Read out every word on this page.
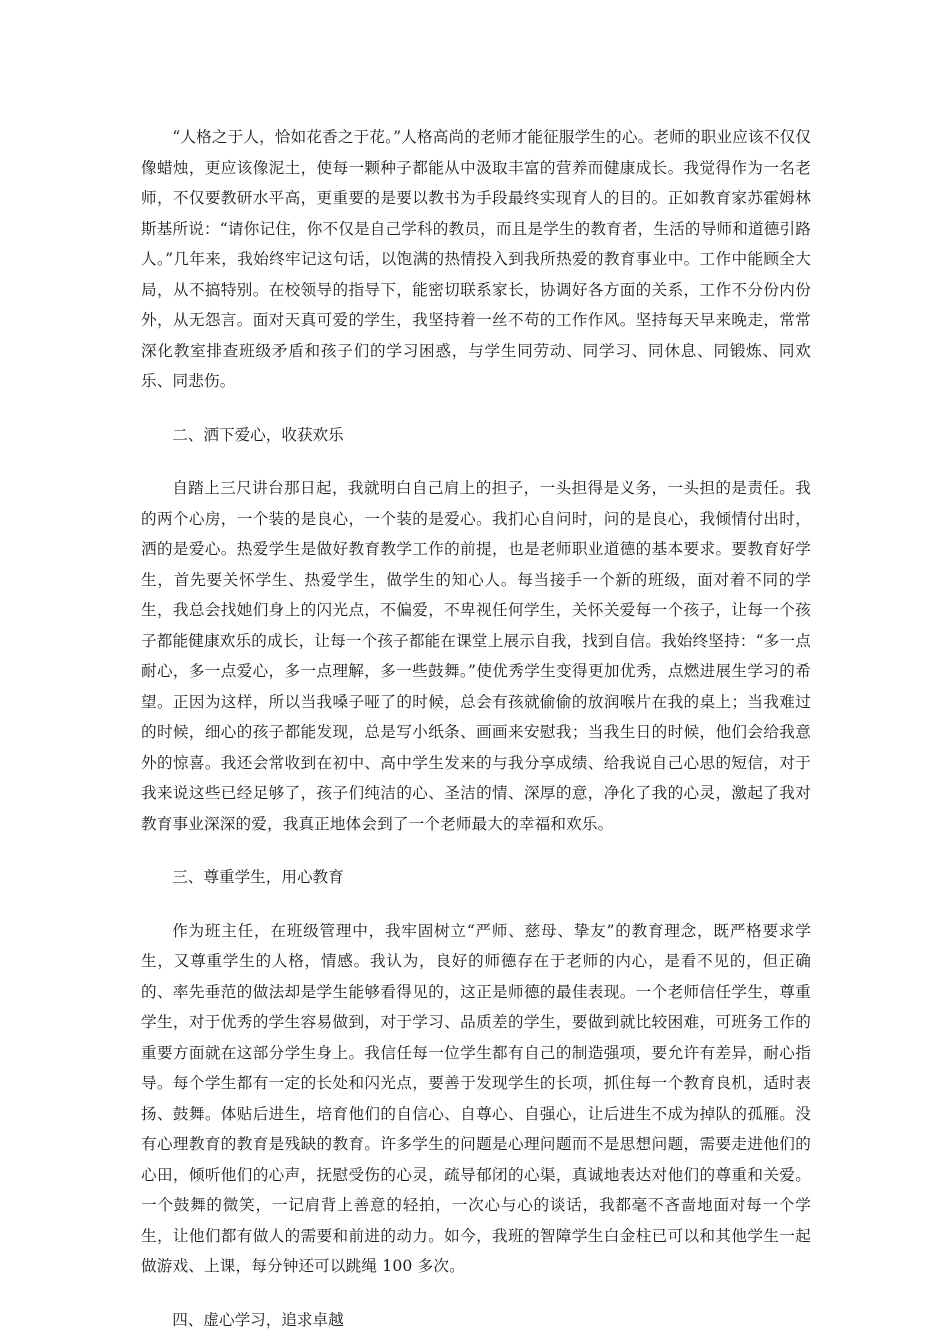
“人格之于人，恰如花香之于花。”人格高尚的老师才能征服学生的心。老师的职业应该不仅仅像蜡烛，更应该像泥土，使每一颗种子都能从中汲取丰富的营养而健康成长。我觉得作为一名老师，不仅要教研水平高，更重要的是要以教书为手段最终实现育人的目的。正如教育家苏霍姆林斯基所说：“请你记住，你不仅是自己学科的教员，而且是学生的教育者，生活的导师和道德引路人。”几年来，我始终牢记这句话，以饱满的热情投入到我所热爱的教育事业中。工作中能顾全大局，从不搞特别。在校领导的指导下，能密切联系家长，协调好各方面的关系，工作不分份内份外，从无怨言。面对天真可爱的学生，我坚持着一丝不苟的工作作风。坚持每天早来晚走，常常深化教室排查班级矛盾和孩子们的学习困惑，与学生同劳动、同学习、同休息、同锻炼、同欢乐、同悲伤。

二、洒下爱心，收获欢乐

自踏上三尺讲台那日起，我就明白自己肩上的担子，一头担得是义务，一头担的是责任。我的两个心房，一个装的是良心，一个装的是爱心。我扪心自问时，问的是良心，我倾情付出时，洒的是爱心。热爱学生是做好教育教学工作的前提，也是老师职业道德的基本要求。要教育好学生，首先要关怀学生、热爱学生，做学生的知心人。每当接手一个新的班级，面对着不同的学生，我总会找她们身上的闪光点，不偏爱，不卑视任何学生，关怀关爱每一个孩子，让每一个孩子都能健康欢乐的成长，让每一个孩子都能在课堂上展示自我，找到自信。我始终坚持：“多一点耐心，多一点爱心，多一点理解，多一些鼓舞。”使优秀学生变得更加优秀，点燃进展生学习的希望。正因为这样，所以当我嗓子哑了的时候，总会有孩就偷偷的放润喉片在我的桌上；当我难过的时候，细心的孩子都能发现，总是写小纸条、画画来安慰我；当我生日的时候，他们会给我意外的惊喜。我还会常收到在初中、高中学生发来的与我分享成绩、给我说自己心思的短信，对于我来说这些已经足够了，孩子们纯洁的心、圣洁的情、深厚的意，净化了我的心灵，激起了我对教育事业深深的爱，我真正地体会到了一个老师最大的幸福和欢乐。

三、尊重学生，用心教育

作为班主任，在班级管理中，我牢固树立“严师、慈母、挚友”的教育理念，既严格要求学生，又尊重学生的人格，情感。我认为，良好的师德存在于老师的内心，是看不见的，但正确的、率先垂范的做法却是学生能够看得见的，这正是师德的最佳表现。一个老师信任学生，尊重学生，对于优秀的学生容易做到，对于学习、品质差的学生，要做到就比较困难，可班务工作的重要方面就在这部分学生身上。我信任每一位学生都有自己的制造强项，要允许有差异，耐心指导。每个学生都有一定的长处和闪光点，要善于发现学生的长项，抓住每一个教育良机，适时表扬、鼓舞。体贴后进生，培育他们的自信心、自尊心、自强心，让后进生不成为掉队的孤雁。没有心理教育的教育是残缺的教育。许多学生的问题是心理问题而不是思想问题，需要走进他们的心田，倾听他们的心声，抚慰受伤的心灵，疏导郁闭的心渠，真诚地表达对他们的尊重和关爱。一个鼓舞的微笑，一记肩背上善意的轻拍，一次心与心的谈话，我都毫不吝啬地面对每一个学生，让他们都有做人的需要和前进的动力。如今，我班的智障学生白金柱已可以和其他学生一起做游戏、上课，每分钟还可以跳绳 100 多次。

四、虚心学习，追求卓越
